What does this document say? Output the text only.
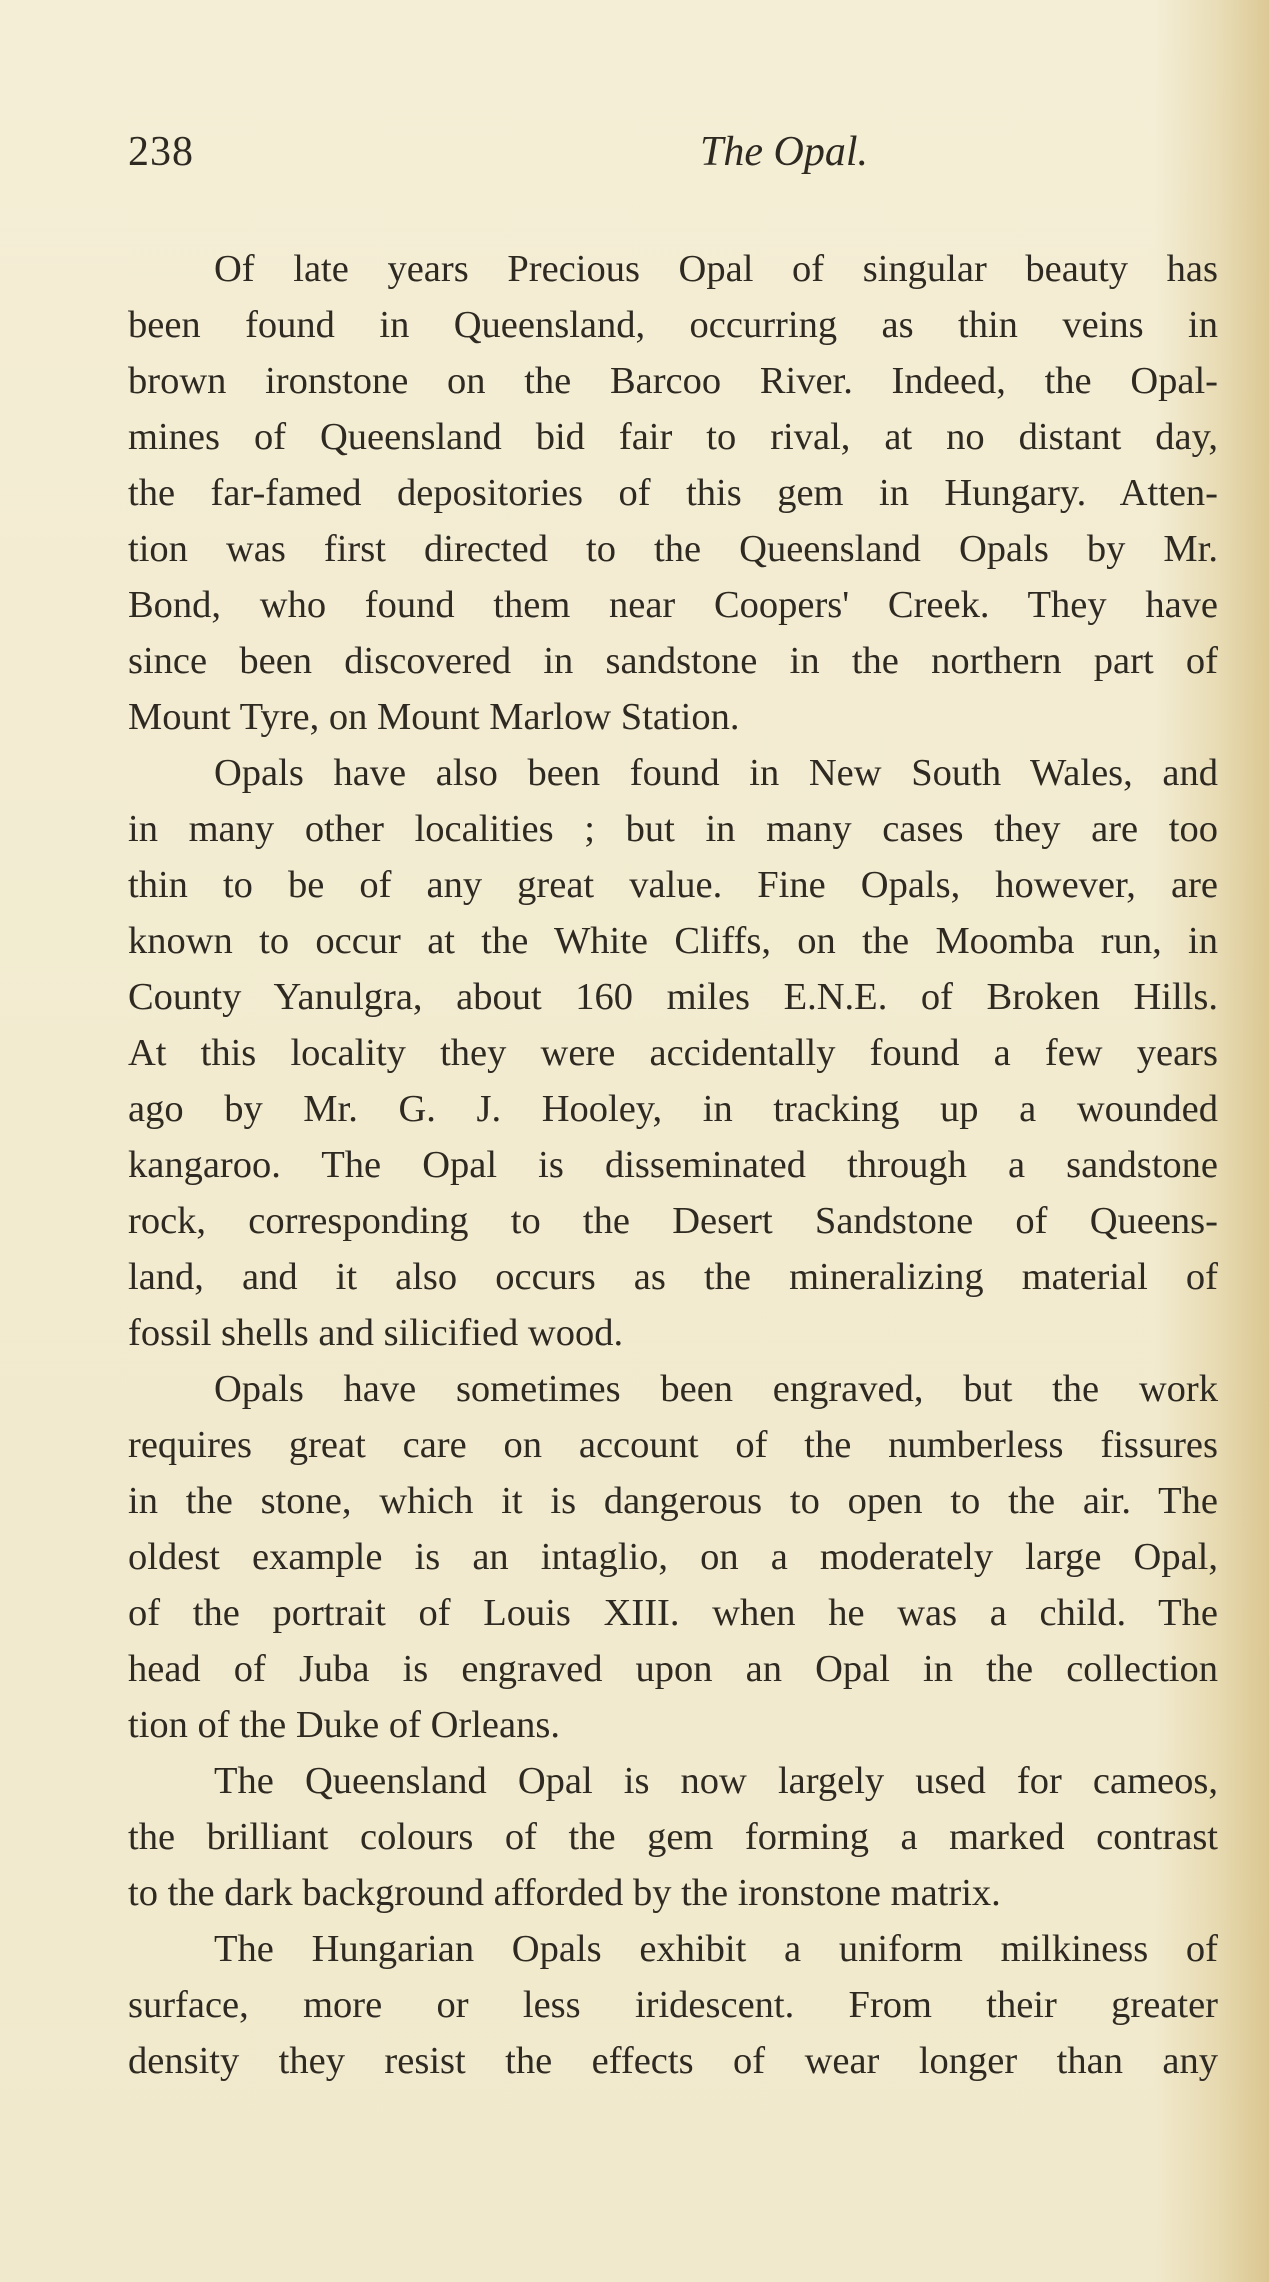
238	The Opal.
Of late years Precious Opal of singular beauty has
been found in Queensland, occurring as thin veins in
brown ironstone on the Barcoo River. Indeed, the Opal-
mines of Queensland bid fair to rival, at no distant day,
the far-famed depositories of this gem in Hungary. Atten-
tion was first directed to the Queensland Opals by Mr.
Bond, who found them near Coopers' Creek. They have
since been discovered in sandstone in the northern part of
Mount Tyre, on Mount Marlow Station.
Opals have also been found in New South Wales, and
in many other localities ; but in many cases they are too
thin to be of any great value. Fine Opals, however, are
known to occur at the White Cliffs, on the Moomba run, in
County Yanulgra, about 160 miles E.N.E. of Broken Hills.
At this locality they were accidentally found a few years
ago by Mr. G. J. Hooley, in tracking up a wounded
kangaroo. The Opal is disseminated through a sandstone
rock, corresponding to the Desert Sandstone of Queens-
land, and it also occurs as the mineralizing material of
fossil shells and silicified wood.
Opals have sometimes been engraved, but the work
requires great care on account of the numberless fissures
in the stone, which it is dangerous to open to the air. The
oldest example is an intaglio, on a moderately large Opal,
of the portrait of Louis XIII. when he was a child. The
head of Juba is engraved upon an Opal in the collection
tion of the Duke of Orleans.
The Queensland Opal is now largely used for cameos,
the brilliant colours of the gem forming a marked contrast
to the dark background afforded by the ironstone matrix.
The Hungarian Opals exhibit a uniform milkiness of
surface, more or less iridescent. From their greater
density they resist the effects of wear longer than any
